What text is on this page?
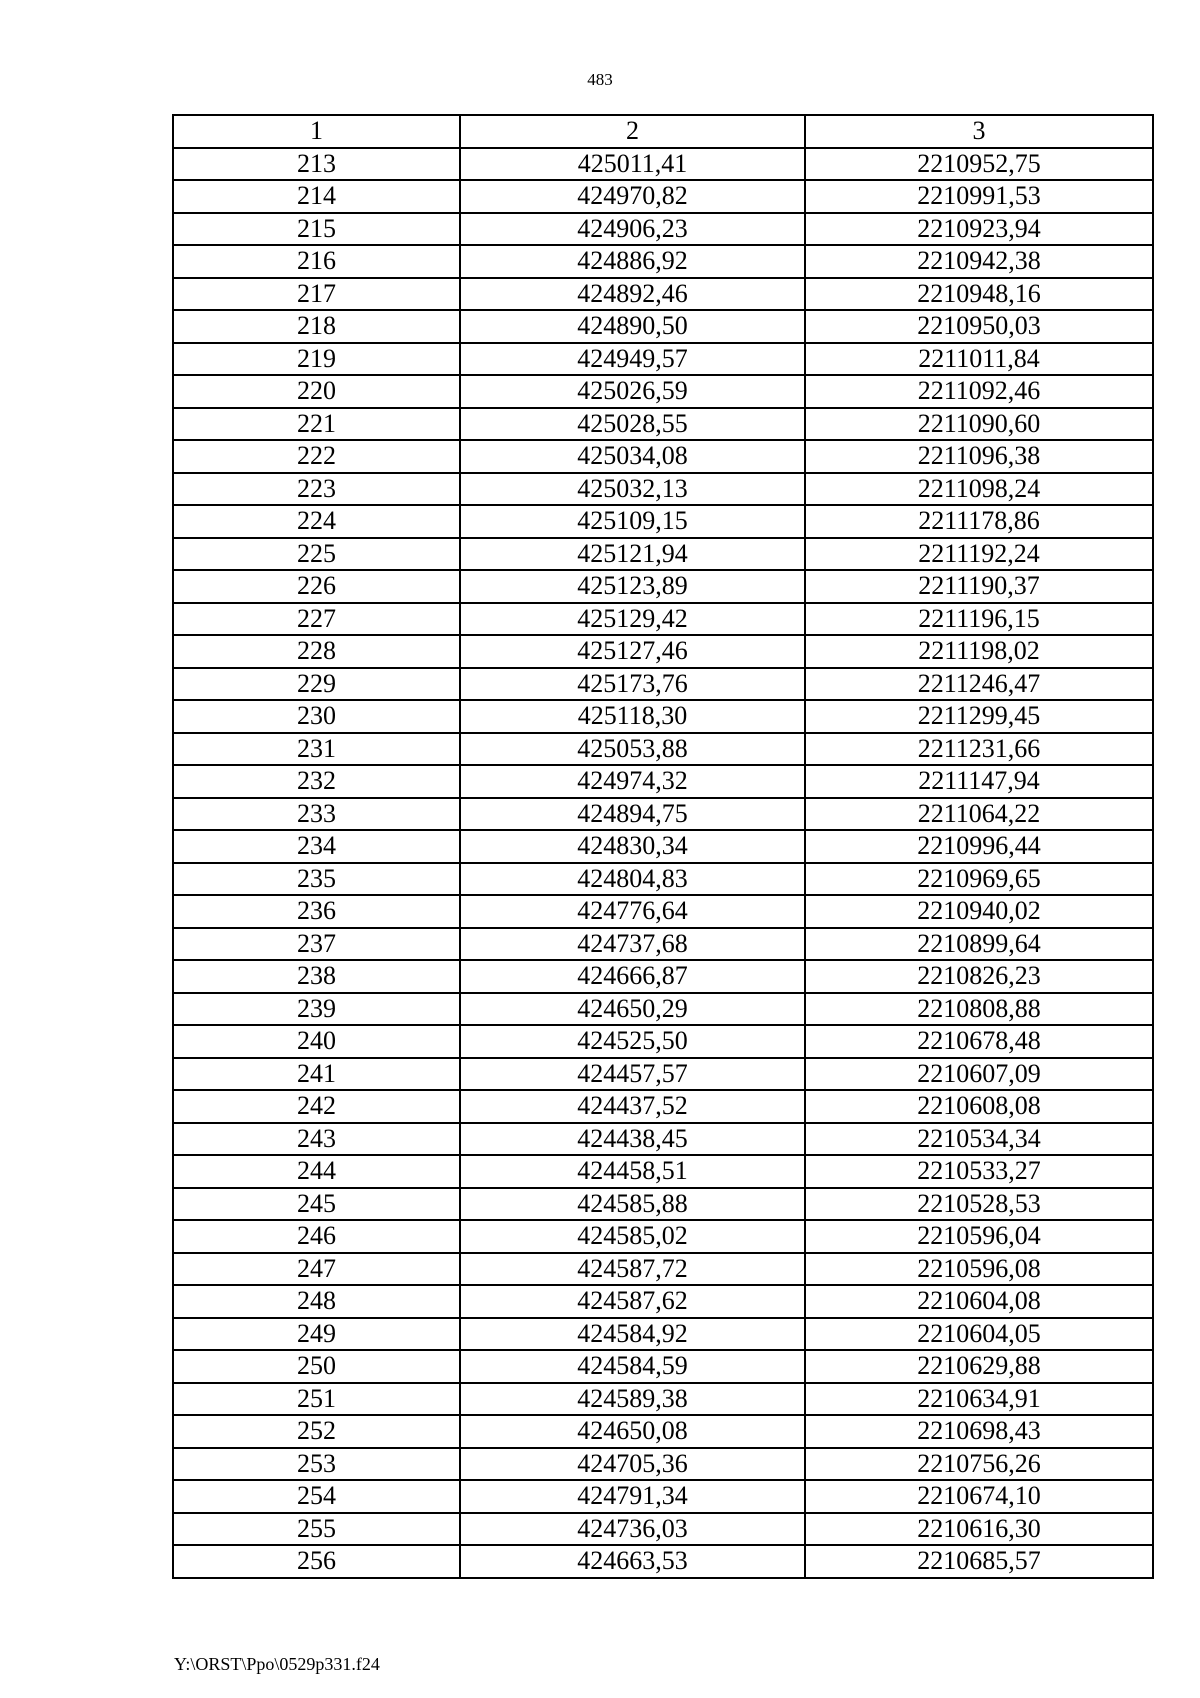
483
1	2	3
213	425011,41	2210952,75
214	424970,82	2210991,53
215	424906,23	2210923,94
216	424886,92	2210942,38
217	424892,46	2210948,16
218	424890,50	2210950,03
219	424949,57	2211011,84
220	425026,59	2211092,46
221	425028,55	2211090,60
222	425034,08	2211096,38
223	425032,13	2211098,24
224	425109,15	2211178,86
225	425121,94	2211192,24
226	425123,89	2211190,37
227	425129,42	2211196,15
228	425127,46	2211198,02
229	425173,76	2211246,47
230	425118,30	2211299,45
231	425053,88	2211231,66
232	424974,32	2211147,94
233	424894,75	2211064,22
234	424830,34	2210996,44
235	424804,83	2210969,65
236	424776,64	2210940,02
237	424737,68	2210899,64
238	424666,87	2210826,23
239	424650,29	2210808,88
240	424525,50	2210678,48
241	424457,57	2210607,09
242	424437,52	2210608,08
243	424438,45	2210534,34
244	424458,51	2210533,27
245	424585,88	2210528,53
246	424585,02	2210596,04
247	424587,72	2210596,08
248	424587,62	2210604,08
249	424584,92	2210604,05
250	424584,59	2210629,88
251	424589,38	2210634,91
252	424650,08	2210698,43
253	424705,36	2210756,26
254	424791,34	2210674,10
255	424736,03	2210616,30
256	424663,53	2210685,57
Y:\ORST\Ppo\0529p331.f24
